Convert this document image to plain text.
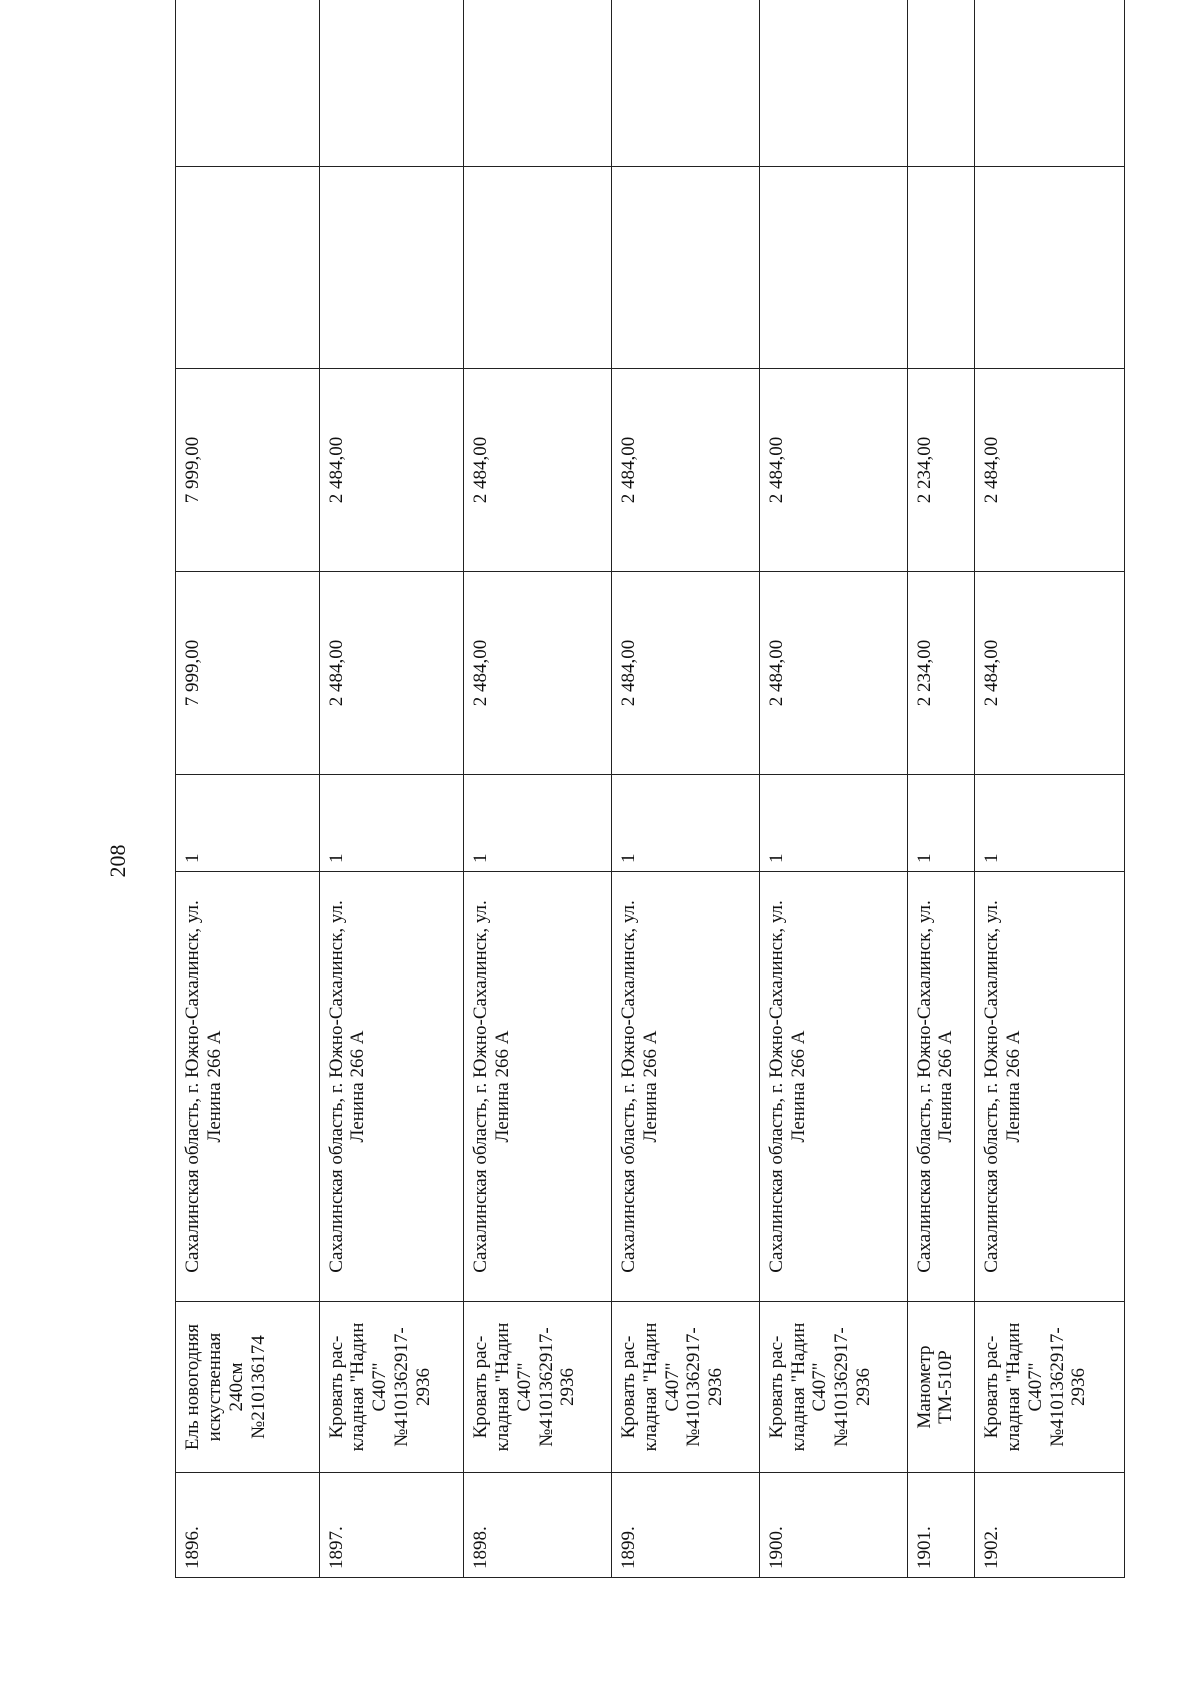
208
1896.	Ель новогодняя искуственная 240см №210136174	Сахалинская область, г. Южно-Сахалинск, ул. Ленина 266 А	1	7 999,00	7 999,00		
1897.	Кровать рас-кладная "Надин С407" №4101362917-2936	Сахалинская область, г. Южно-Сахалинск, ул. Ленина 266 А	1	2 484,00	2 484,00		
1898.	Кровать рас-кладная "Надин С407" №4101362917-2936	Сахалинская область, г. Южно-Сахалинск, ул. Ленина 266 А	1	2 484,00	2 484,00		
1899.	Кровать рас-кладная "Надин С407" №4101362917-2936	Сахалинская область, г. Южно-Сахалинск, ул. Ленина 266 А	1	2 484,00	2 484,00		
1900.	Кровать рас-кладная "Надин С407" №4101362917-2936	Сахалинская область, г. Южно-Сахалинск, ул. Ленина 266 А	1	2 484,00	2 484,00		
1901.	Манометр ТМ-510Р	Сахалинская область, г. Южно-Сахалинск, ул. Ленина 266 А	1	2 234,00	2 234,00		
1902.	Кровать рас-кладная "Надин С407" №4101362917-2936	Сахалинская область, г. Южно-Сахалинск, ул. Ленина 266 А	1	2 484,00	2 484,00		
